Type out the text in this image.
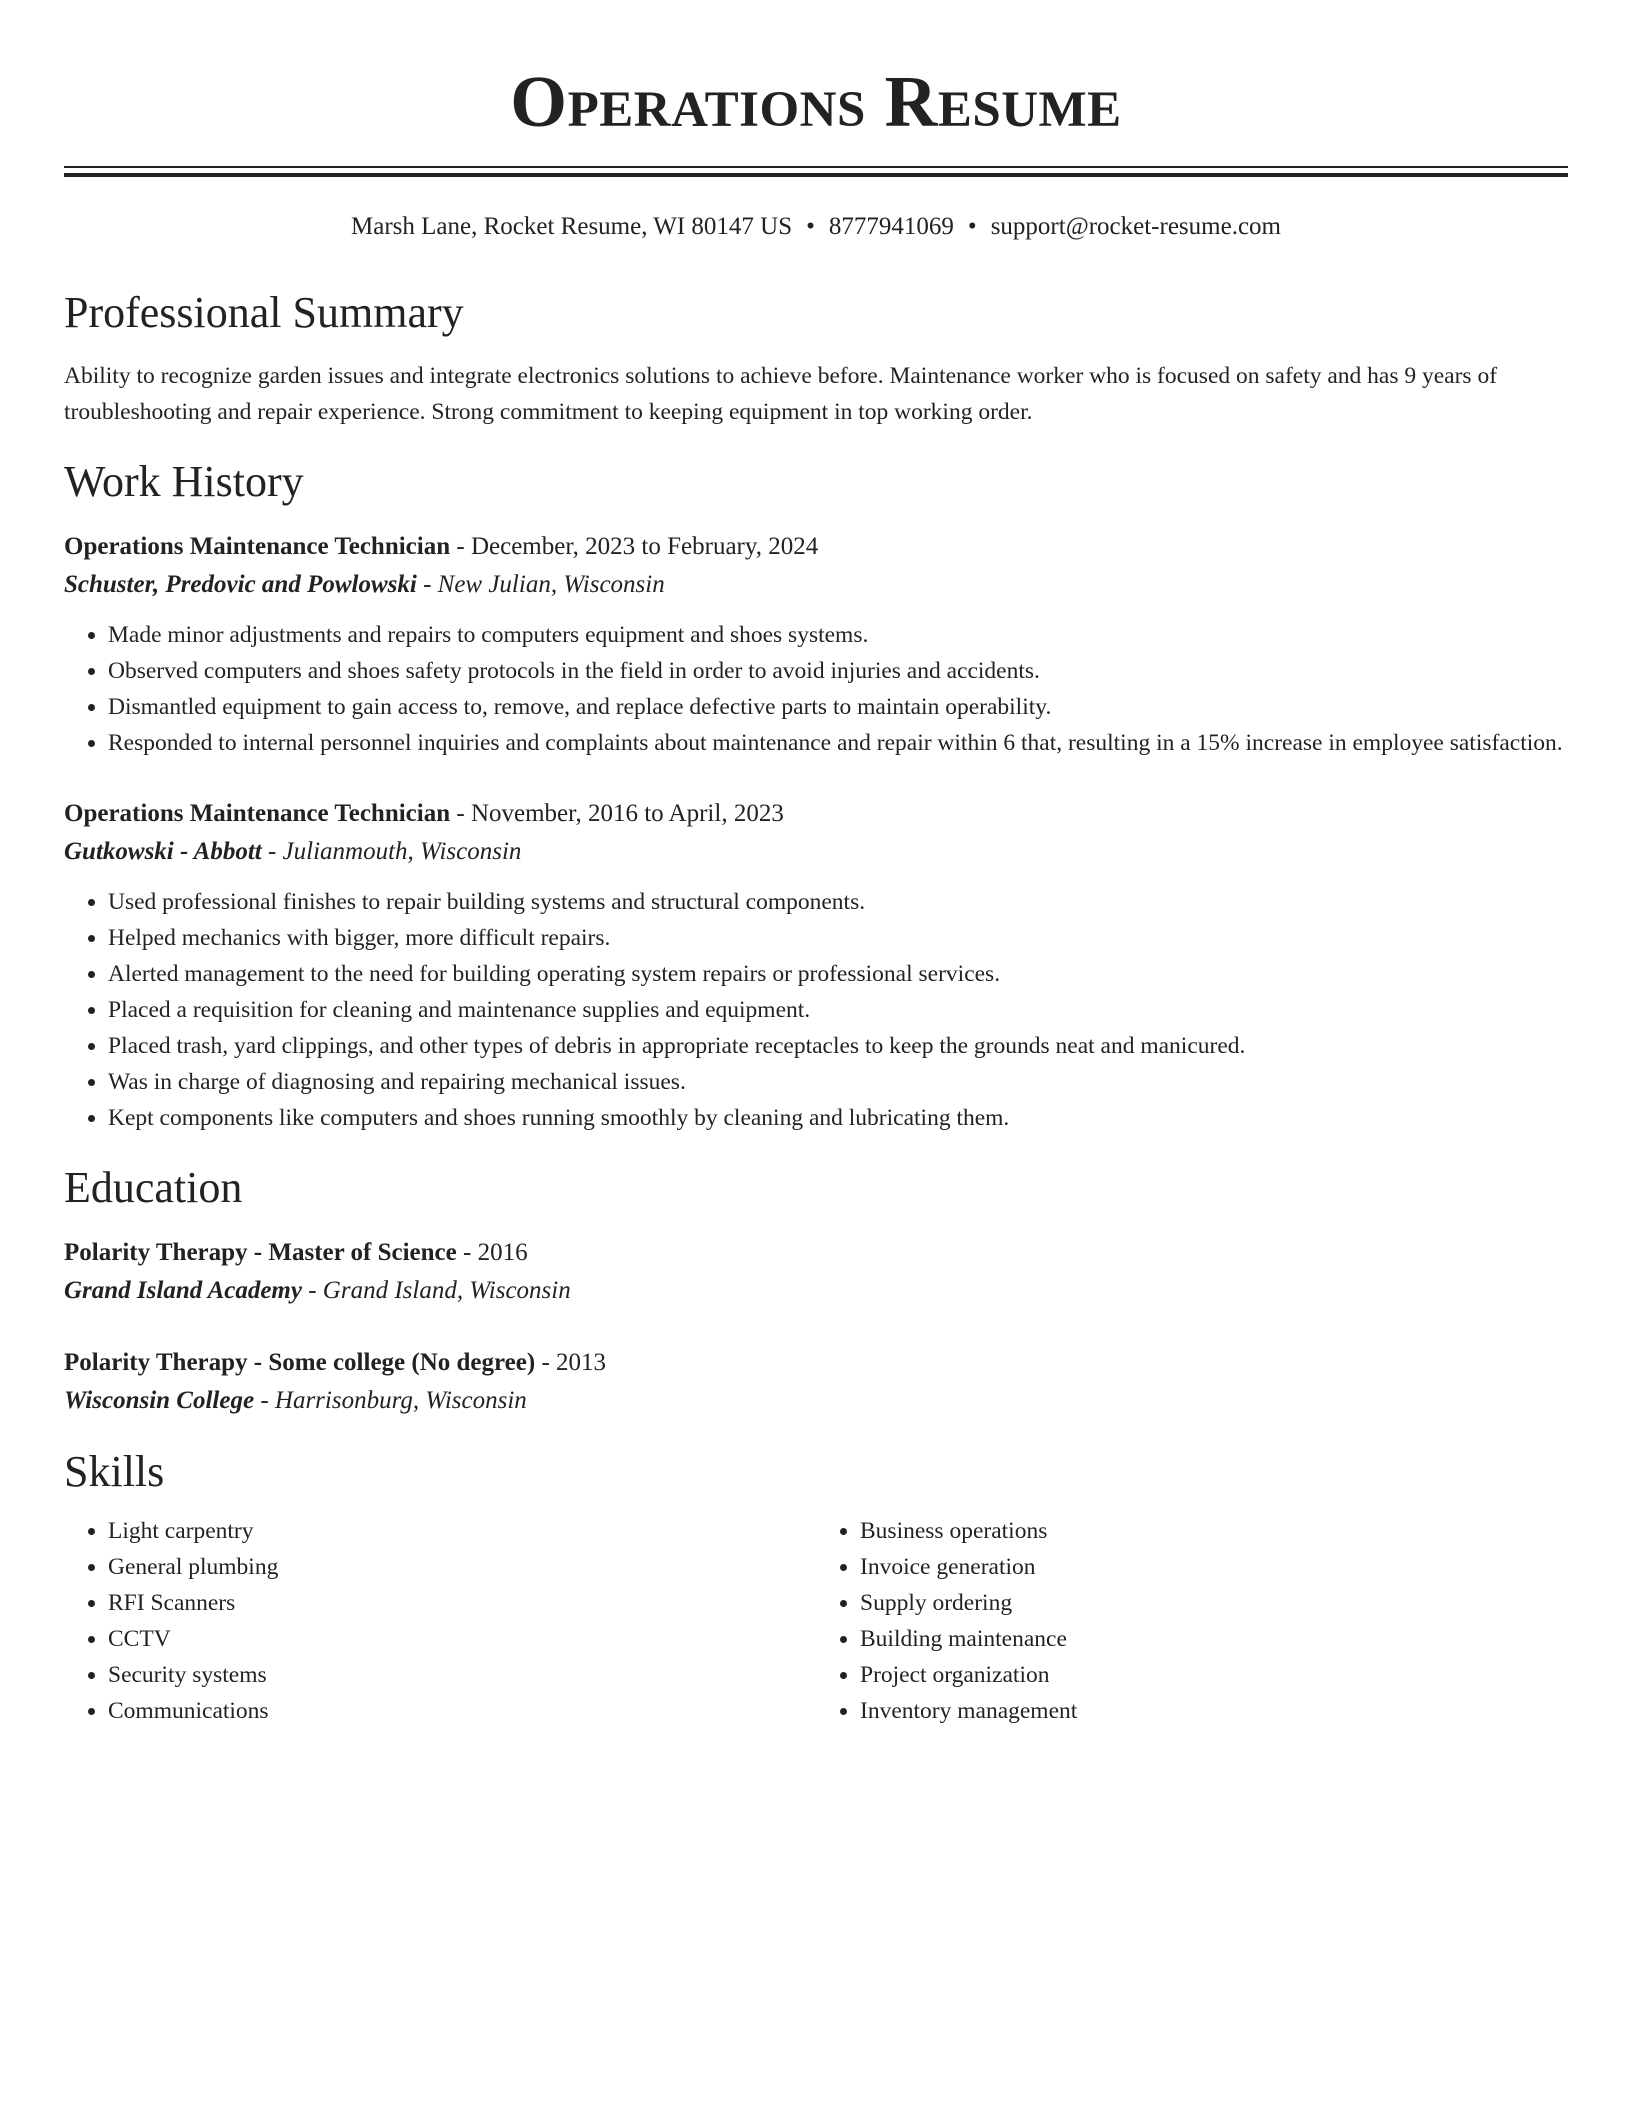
Operations Resume
Marsh Lane, Rocket Resume, WI 80147 US • 8777941069 • support@rocket-resume.com
Professional Summary

Ability to recognize garden issues and integrate electronics solutions to achieve before. Maintenance worker who is focused on safety and has 9 years of troubleshooting and repair experience. Strong commitment to keeping equipment in top working order.

Work History
Operations Maintenance Technician - December, 2023 to February, 2024
Schuster, Predovic and Powlowski - New Julian, Wisconsin
• Made minor adjustments and repairs to computers equipment and shoes systems.
• Observed computers and shoes safety protocols in the field in order to avoid injuries and accidents.
• Dismantled equipment to gain access to, remove, and replace defective parts to maintain operability.
• Responded to internal personnel inquiries and complaints about maintenance and repair within 6 that, resulting in a 15% increase in employee satisfaction.
Operations Maintenance Technician - November, 2016 to April, 2023
Gutkowski - Abbott - Julianmouth, Wisconsin
• Used professional finishes to repair building systems and structural components.
• Helped mechanics with bigger, more difficult repairs.
• Alerted management to the need for building operating system repairs or professional services.
• Placed a requisition for cleaning and maintenance supplies and equipment.
• Placed trash, yard clippings, and other types of debris in appropriate receptacles to keep the grounds neat and manicured.
• Was in charge of diagnosing and repairing mechanical issues.
• Kept components like computers and shoes running smoothly by cleaning and lubricating them.
Education
Polarity Therapy - Master of Science - 2016
Grand Island Academy - Grand Island, Wisconsin
Polarity Therapy - Some college (No degree) - 2013
Wisconsin College - Harrisonburg, Wisconsin
Skills
• Light carpentry
• General plumbing
• RFI Scanners
• CCTV
• Security systems
• Communications
• Business operations
• Invoice generation
• Supply ordering
• Building maintenance
• Project organization
• Inventory management
